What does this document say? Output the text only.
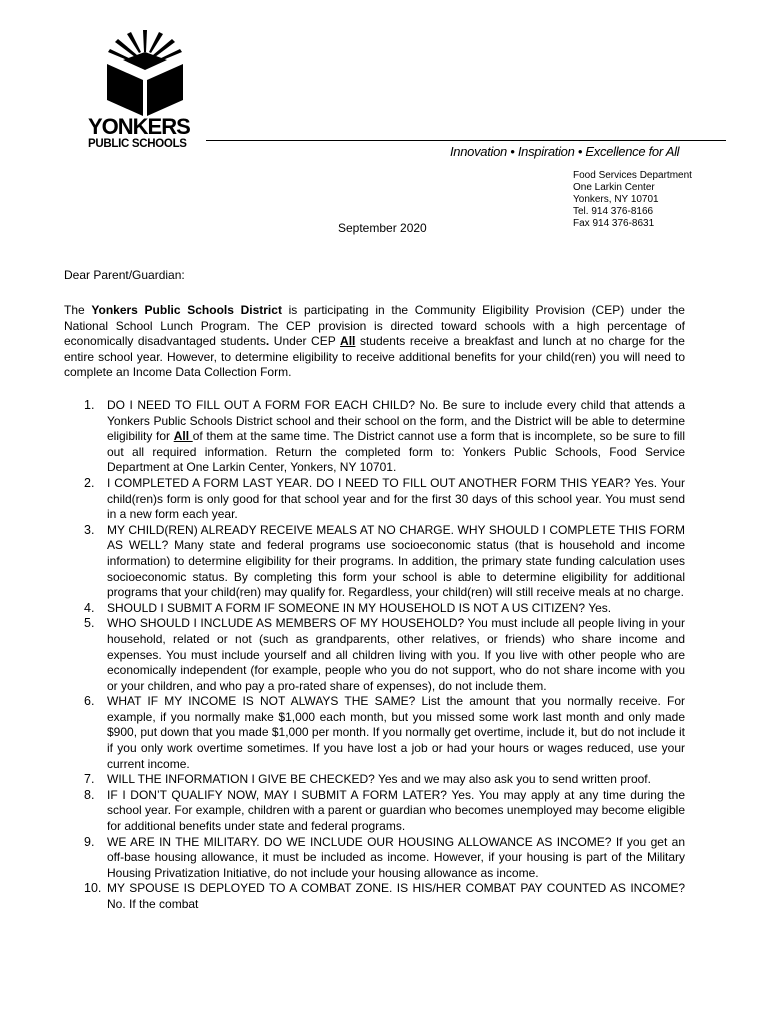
YONKERS
PUBLIC SCHOOLS	Innovation • Inspiration • Excellence for All
Food Services Department
One Larkin Center
Yonkers, NY 10701
Tel. 914 376-8166
Fax 914 376-8631
September 2020
Dear Parent/Guardian:
The Yonkers Public Schools District is participating in the Community Eligibility Provision (CEP) under the National School Lunch Program. The CEP provision is directed toward schools with a high percentage of economically disadvantaged students. Under CEP All students receive a breakfast and lunch at no charge for the entire school year. However, to determine eligibility to receive additional benefits for your child(ren) you will need to complete an Income Data Collection Form.
1. DO I NEED TO FILL OUT A FORM FOR EACH CHILD? No. Be sure to include every child that attends a Yonkers Public Schools District school and their school on the form, and the District will be able to determine eligibility for All of them at the same time. The District cannot use a form that is incomplete, so be sure to fill out all required information. Return the completed form to: Yonkers Public Schools, Food Service Department at One Larkin Center, Yonkers, NY 10701.
2. I COMPLETED A FORM LAST YEAR. DO I NEED TO FILL OUT ANOTHER FORM THIS YEAR? Yes. Your child(ren)s form is only good for that school year and for the first 30 days of this school year. You must send in a new form each year.
3. MY CHILD(REN) ALREADY RECEIVE MEALS AT NO CHARGE. WHY SHOULD I COMPLETE THIS FORM AS WELL? Many state and federal programs use socioeconomic status (that is household and income information) to determine eligibility for their programs. In addition, the primary state funding calculation uses socioeconomic status. By completing this form your school is able to determine eligibility for additional programs that your child(ren) may qualify for. Regardless, your child(ren) will still receive meals at no charge.
4. SHOULD I SUBMIT A FORM IF SOMEONE IN MY HOUSEHOLD IS NOT A US CITIZEN? Yes.
5. WHO SHOULD I INCLUDE AS MEMBERS OF MY HOUSEHOLD? You must include all people living in your household, related or not (such as grandparents, other relatives, or friends) who share income and expenses. You must include yourself and all children living with you. If you live with other people who are economically independent (for example, people who you do not support, who do not share income with you or your children, and who pay a pro-rated share of expenses), do not include them.
6. WHAT IF MY INCOME IS NOT ALWAYS THE SAME? List the amount that you normally receive. For example, if you normally make $1,000 each month, but you missed some work last month and only made $900, put down that you made $1,000 per month. If you normally get overtime, include it, but do not include it if you only work overtime sometimes. If you have lost a job or had your hours or wages reduced, use your current income.
7. WILL THE INFORMATION I GIVE BE CHECKED? Yes and we may also ask you to send written proof.
8. IF I DON’T QUALIFY NOW, MAY I SUBMIT A FORM LATER? Yes. You may apply at any time during the school year. For example, children with a parent or guardian who becomes unemployed may become eligible for additional benefits under state and federal programs.
9. WE ARE IN THE MILITARY. DO WE INCLUDE OUR HOUSING ALLOWANCE AS INCOME? If you get an off-base housing allowance, it must be included as income. However, if your housing is part of the Military Housing Privatization Initiative, do not include your housing allowance as income.
10. MY SPOUSE IS DEPLOYED TO A COMBAT ZONE. IS HIS/HER COMBAT PAY COUNTED AS INCOME? No. If the combat
